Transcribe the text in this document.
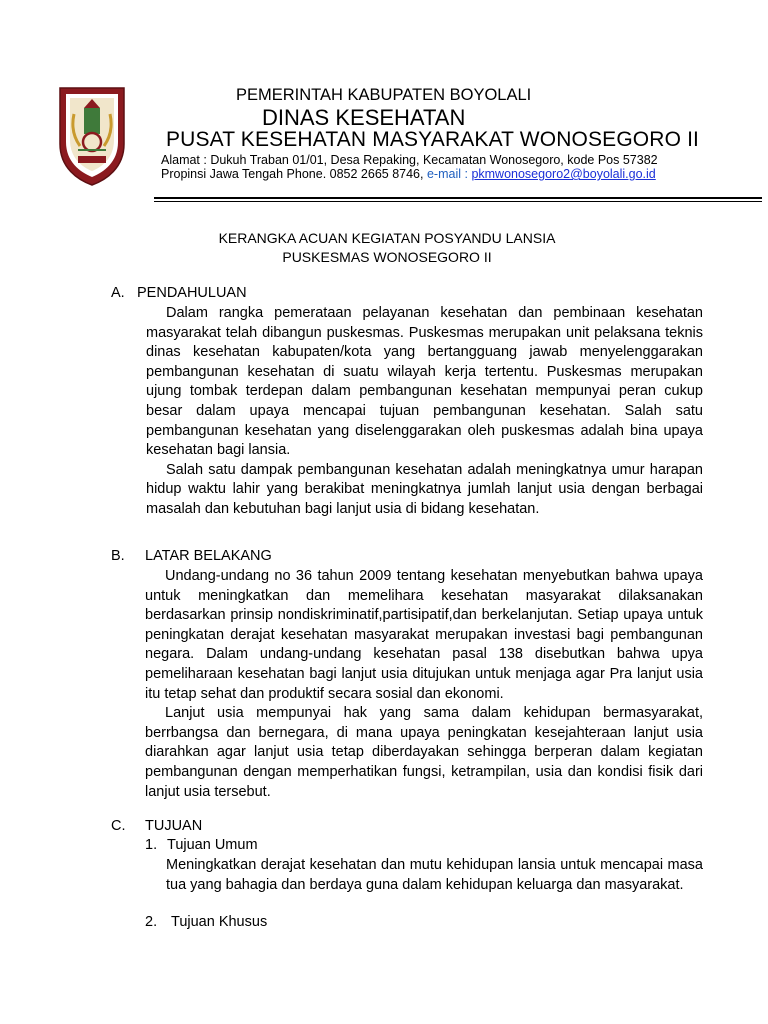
PEMERINTAH KABUPATEN BOYOLALI
DINAS KESEHATAN
PUSAT KESEHATAN MASYARAKAT WONOSEGORO II
Alamat : Dukuh Traban 01/01, Desa Repaking, Kecamatan Wonosegoro, kode Pos 57382
Propinsi Jawa Tengah Phone. 0852 2665 8746, e-mail : pkmwonosegoro2@boyolali.go.id
KERANGKA ACUAN KEGIATAN POSYANDU LANSIA
PUSKESMAS WONOSEGORO II
A. PENDAHULUAN

Dalam rangka pemerataan pelayanan kesehatan dan pembinaan kesehatan masyarakat telah dibangun puskesmas. Puskesmas merupakan unit pelaksana teknis dinas kesehatan kabupaten/kota yang bertangguang jawab menyelenggarakan pembangunan kesehatan di suatu wilayah kerja tertentu. Puskesmas merupakan ujung tombak terdepan dalam pembangunan kesehatan mempunyai peran cukup besar dalam upaya mencapai tujuan pembangunan kesehatan. Salah satu pembangunan kesehatan yang diselenggarakan oleh puskesmas adalah bina upaya kesehatan bagi lansia.

Salah satu dampak pembangunan kesehatan adalah meningkatnya umur harapan hidup waktu lahir yang berakibat meningkatnya jumlah lanjut usia dengan berbagai masalah dan kebutuhan bagi lanjut usia di bidang kesehatan.

B. LATAR BELAKANG

Undang-undang no 36 tahun 2009 tentang kesehatan menyebutkan bahwa upaya untuk meningkatkan dan memelihara kesehatan masyarakat dilaksanakan berdasarkan prinsip nondiskriminatif,partisipatif,dan berkelanjutan. Setiap upaya untuk peningkatan derajat kesehatan masyarakat merupakan investasi bagi pembangunan negara. Dalam undang-undang kesehatan pasal 138 disebutkan bahwa upya pemeliharaan kesehatan bagi lanjut usia ditujukan untuk menjaga agar Pra lanjut usia itu tetap sehat dan produktif secara sosial dan ekonomi.

Lanjut usia mempunyai hak yang sama dalam kehidupan bermasyarakat, berrbangsa dan bernegara, di mana upaya peningkatan kesejahteraan lanjut usia diarahkan agar lanjut usia tetap diberdayakan sehingga berperan dalam kegiatan pembangunan dengan memperhatikan fungsi, ketrampilan, usia dan kondisi fisik dari lanjut usia tersebut.

C. TUJUAN
1. Tujuan Umum

Meningkatkan derajat kesehatan dan mutu kehidupan lansia untuk mencapai masa tua yang bahagia dan berdaya guna dalam kehidupan keluarga dan masyarakat.

2. Tujuan Khusus
